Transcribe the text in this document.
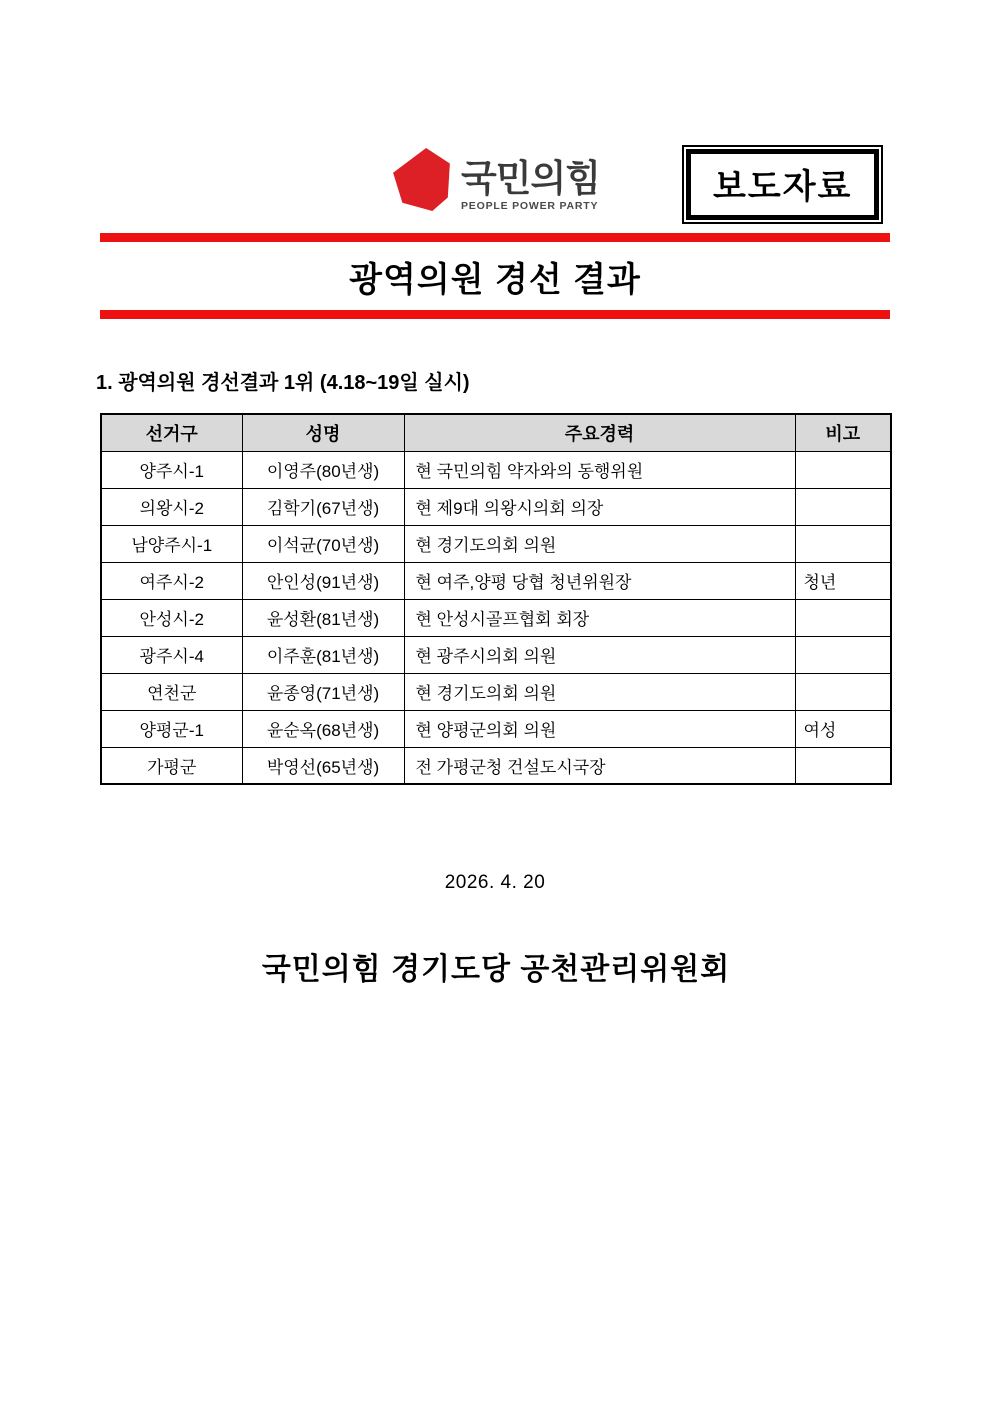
국민의힘
PEOPLE POWER PARTY	보도자료
광역의원 경선 결과
1. 광역의원 경선결과 1위 (4.18~19일 실시)
선거구	성명	주요경력	비고
양주시-1	이영주(80년생)	현 국민의힘 약자와의 동행위원	
의왕시-2	김학기(67년생)	현 제9대 의왕시의회 의장	
남양주시-1	이석균(70년생)	현 경기도의회 의원	
여주시-2	안인성(91년생)	현 여주,양평 당협 청년위원장	청년
안성시-2	윤성환(81년생)	현 안성시골프협회 회장	
광주시-4	이주훈(81년생)	현 광주시의회 의원	
연천군	윤종영(71년생)	현 경기도의회 의원	
양평군-1	윤순옥(68년생)	현 양평군의회 의원	여성
가평군	박영선(65년생)	전 가평군청 건설도시국장	
2026. 4. 20
국민의힘 경기도당 공천관리위원회
